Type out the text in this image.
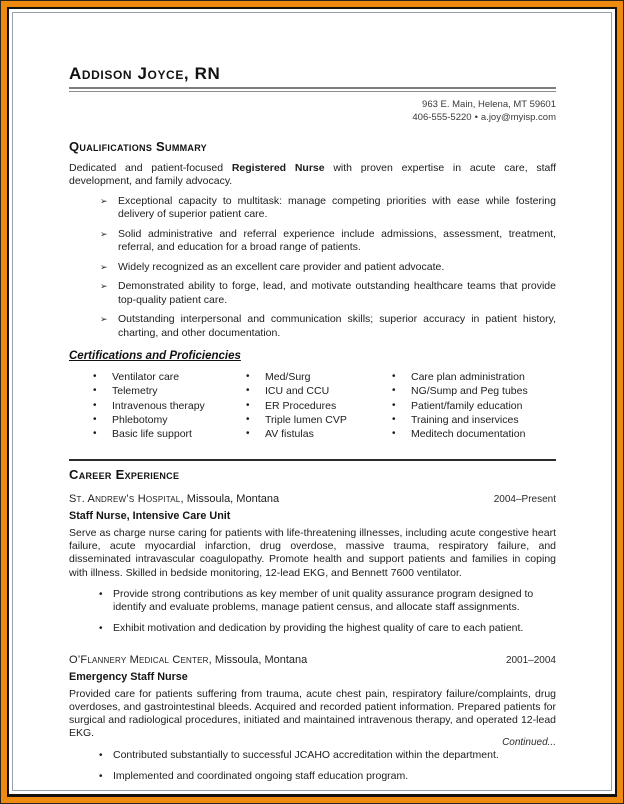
Addison Joyce, RN
963 E. Main, Helena, MT 59601
406-555-5220 • a.joy@myisp.com
Qualifications Summary

Dedicated and patient-focused Registered Nurse with proven expertise in acute care, staff development, and family advocacy.

➢ Exceptional capacity to multitask: manage competing priorities with ease while fostering delivery of superior patient care.
➢ Solid administrative and referral experience include admissions, assessment, treatment, referral, and education for a broad range of patients.
➢ Widely recognized as an excellent care provider and patient advocate.
➢ Demonstrated ability to forge, lead, and motivate outstanding healthcare teams that provide top-quality patient care.
➢ Outstanding interpersonal and communication skills; superior accuracy in patient history, charting, and other documentation.
Certifications and Proficiencies
•	Ventilator care
•	Telemetry
•	Intravenous therapy
•	Phlebotomy
•	Basic life support
•	Med/Surg
•	ICU and CCU
•	ER Procedures
•	Triple lumen CVP
•	AV fistulas
•	Care plan administration
•	NG/Sump and Peg tubes
•	Patient/family education
•	Training and inservices
•	Meditech documentation
Career Experience
St. Andrew’s Hospital, Missoula, Montana	2004–Present
Staff Nurse, Intensive Care Unit

Serve as charge nurse caring for patients with life-threatening illnesses, including acute congestive heart failure, acute myocardial infarction, drug overdose, massive trauma, respiratory failure, and disseminated intravascular coagulopathy. Promote health and support patients and families in coping with illness. Skilled in bedside monitoring, 12-lead EKG, and Bennett 7600 ventilator.

• Provide strong contributions as key member of unit quality assurance program designed to identify and evaluate problems, manage patient census, and allocate staff assignments.
• Exhibit motivation and dedication by providing the highest quality of care to each patient.
O’Flannery Medical Center, Missoula, Montana	2001–2004
Emergency Staff Nurse

Provided care for patients suffering from trauma, acute chest pain, respiratory failure/complaints, drug overdoses, and gastrointestinal bleeds. Acquired and recorded patient information. Prepared patients for surgical and radiological procedures, initiated and maintained intravenous therapy, and operated 12-lead EKG.

• Contributed substantially to successful JCAHO accreditation within the department.
• Implemented and coordinated ongoing staff education program.
Continued...
